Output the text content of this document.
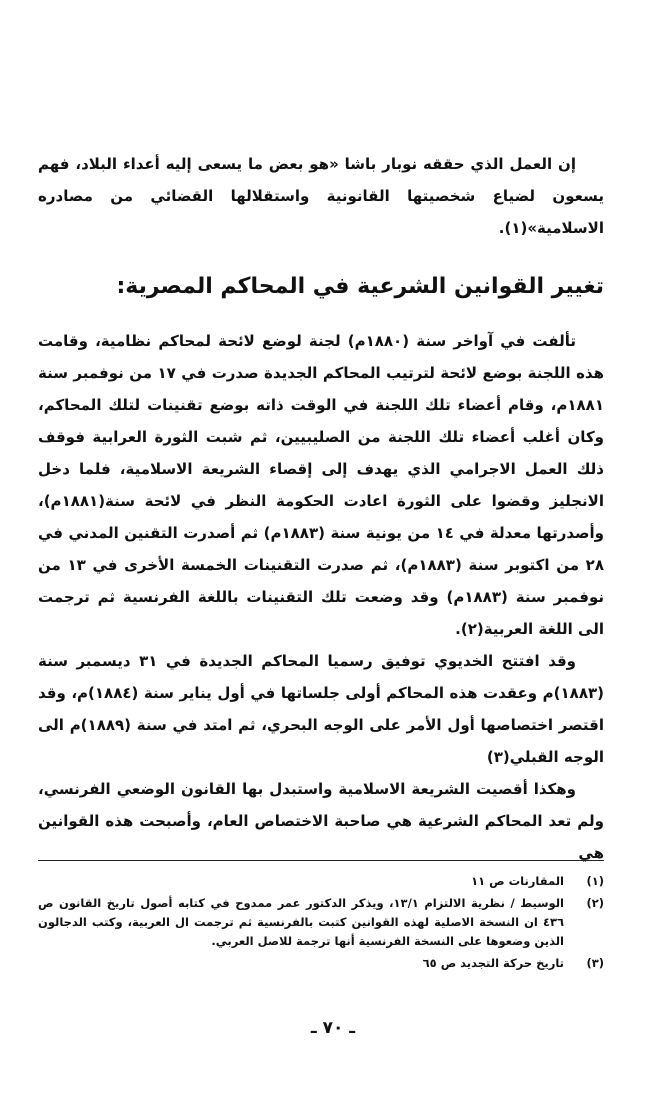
إن العمل الذي حققه نوبار باشا «هو بعض ما يسعى إليه أعداء البلاد، فهم يسعون لضياع شخصيتها القانونية واستقلالها القضائي من مصادره الاسلامية»(١).

تغيير القوانين الشرعية في المحاكم المصرية:

تألفت في آواخر سنة (١٨٨٠م) لجنة لوضع لائحة لمحاكم نظامية، وقامت هذه اللجنة بوضع لائحة لترتيب المحاكم الجديدة صدرت في ١٧ من نوفمبر سنة ١٨٨١م، وقام أعضاء تلك اللجنة في الوقت ذاته بوضع تقنينات لتلك المحاكم، وكان أغلب أعضاء تلك اللجنة من الصليبيين، ثم شبت الثورة العرابية فوقف ذلك العمل الاجرامي الذي يهدف إلى إقصاء الشريعة الاسلامية، فلما دخل الانجليز وقضوا على الثورة اعادت الحكومة النظر في لائحة سنة(١٨٨١م)، وأصدرتها معدلة في ١٤ من يونية سنة (١٨٨٣م) ثم أصدرت التقنين المدني في ٢٨ من اكتوبر سنة (١٨٨٣م)، ثم صدرت التقنينات الخمسة الأخرى في ١٣ من نوفمبر سنة (١٨٨٣م) وقد وضعت تلك التقنينات باللغة الفرنسية ثم ترجمت الى اللغة العربية(٢).

وقد افتتح الخديوي توفيق رسميا المحاكم الجديدة في ٣١ ديسمبر سنة (١٨٨٣)م وعقدت هذه المحاكم أولى جلساتها في أول يناير سنة (١٨٨٤)م، وقد اقتصر اختصاصها أول الأمر على الوجه البحري، ثم امتد في سنة (١٨٨٩)م الى الوجه القبلي(٣)

وهكذا أقصيت الشريعة الاسلامية واستبدل بها القانون الوضعي الفرنسي، ولم تعد المحاكم الشرعية هي صاحبة الاختصاص العام، وأصبحت هذه القوانين هي

(١)
المقارنات ص ١١
(٢)
الوسيط / نظرية الالتزام ١٣/١، ويذكر الدكتور عمر ممدوح في كتابه أصول تاريخ القانون ص ٤٣٦ ان النسخة الاصلية لهذه القوانين كتبت بالفرنسية ثم ترجمت ال العربية، وكتب الدجالون الذين وضعوها على النسخة الفرنسية أنها ترجمة للاصل العربي.
(٣)
تاريخ حركة التجديد ص ٦٥
ـ ٧٠ ـ
